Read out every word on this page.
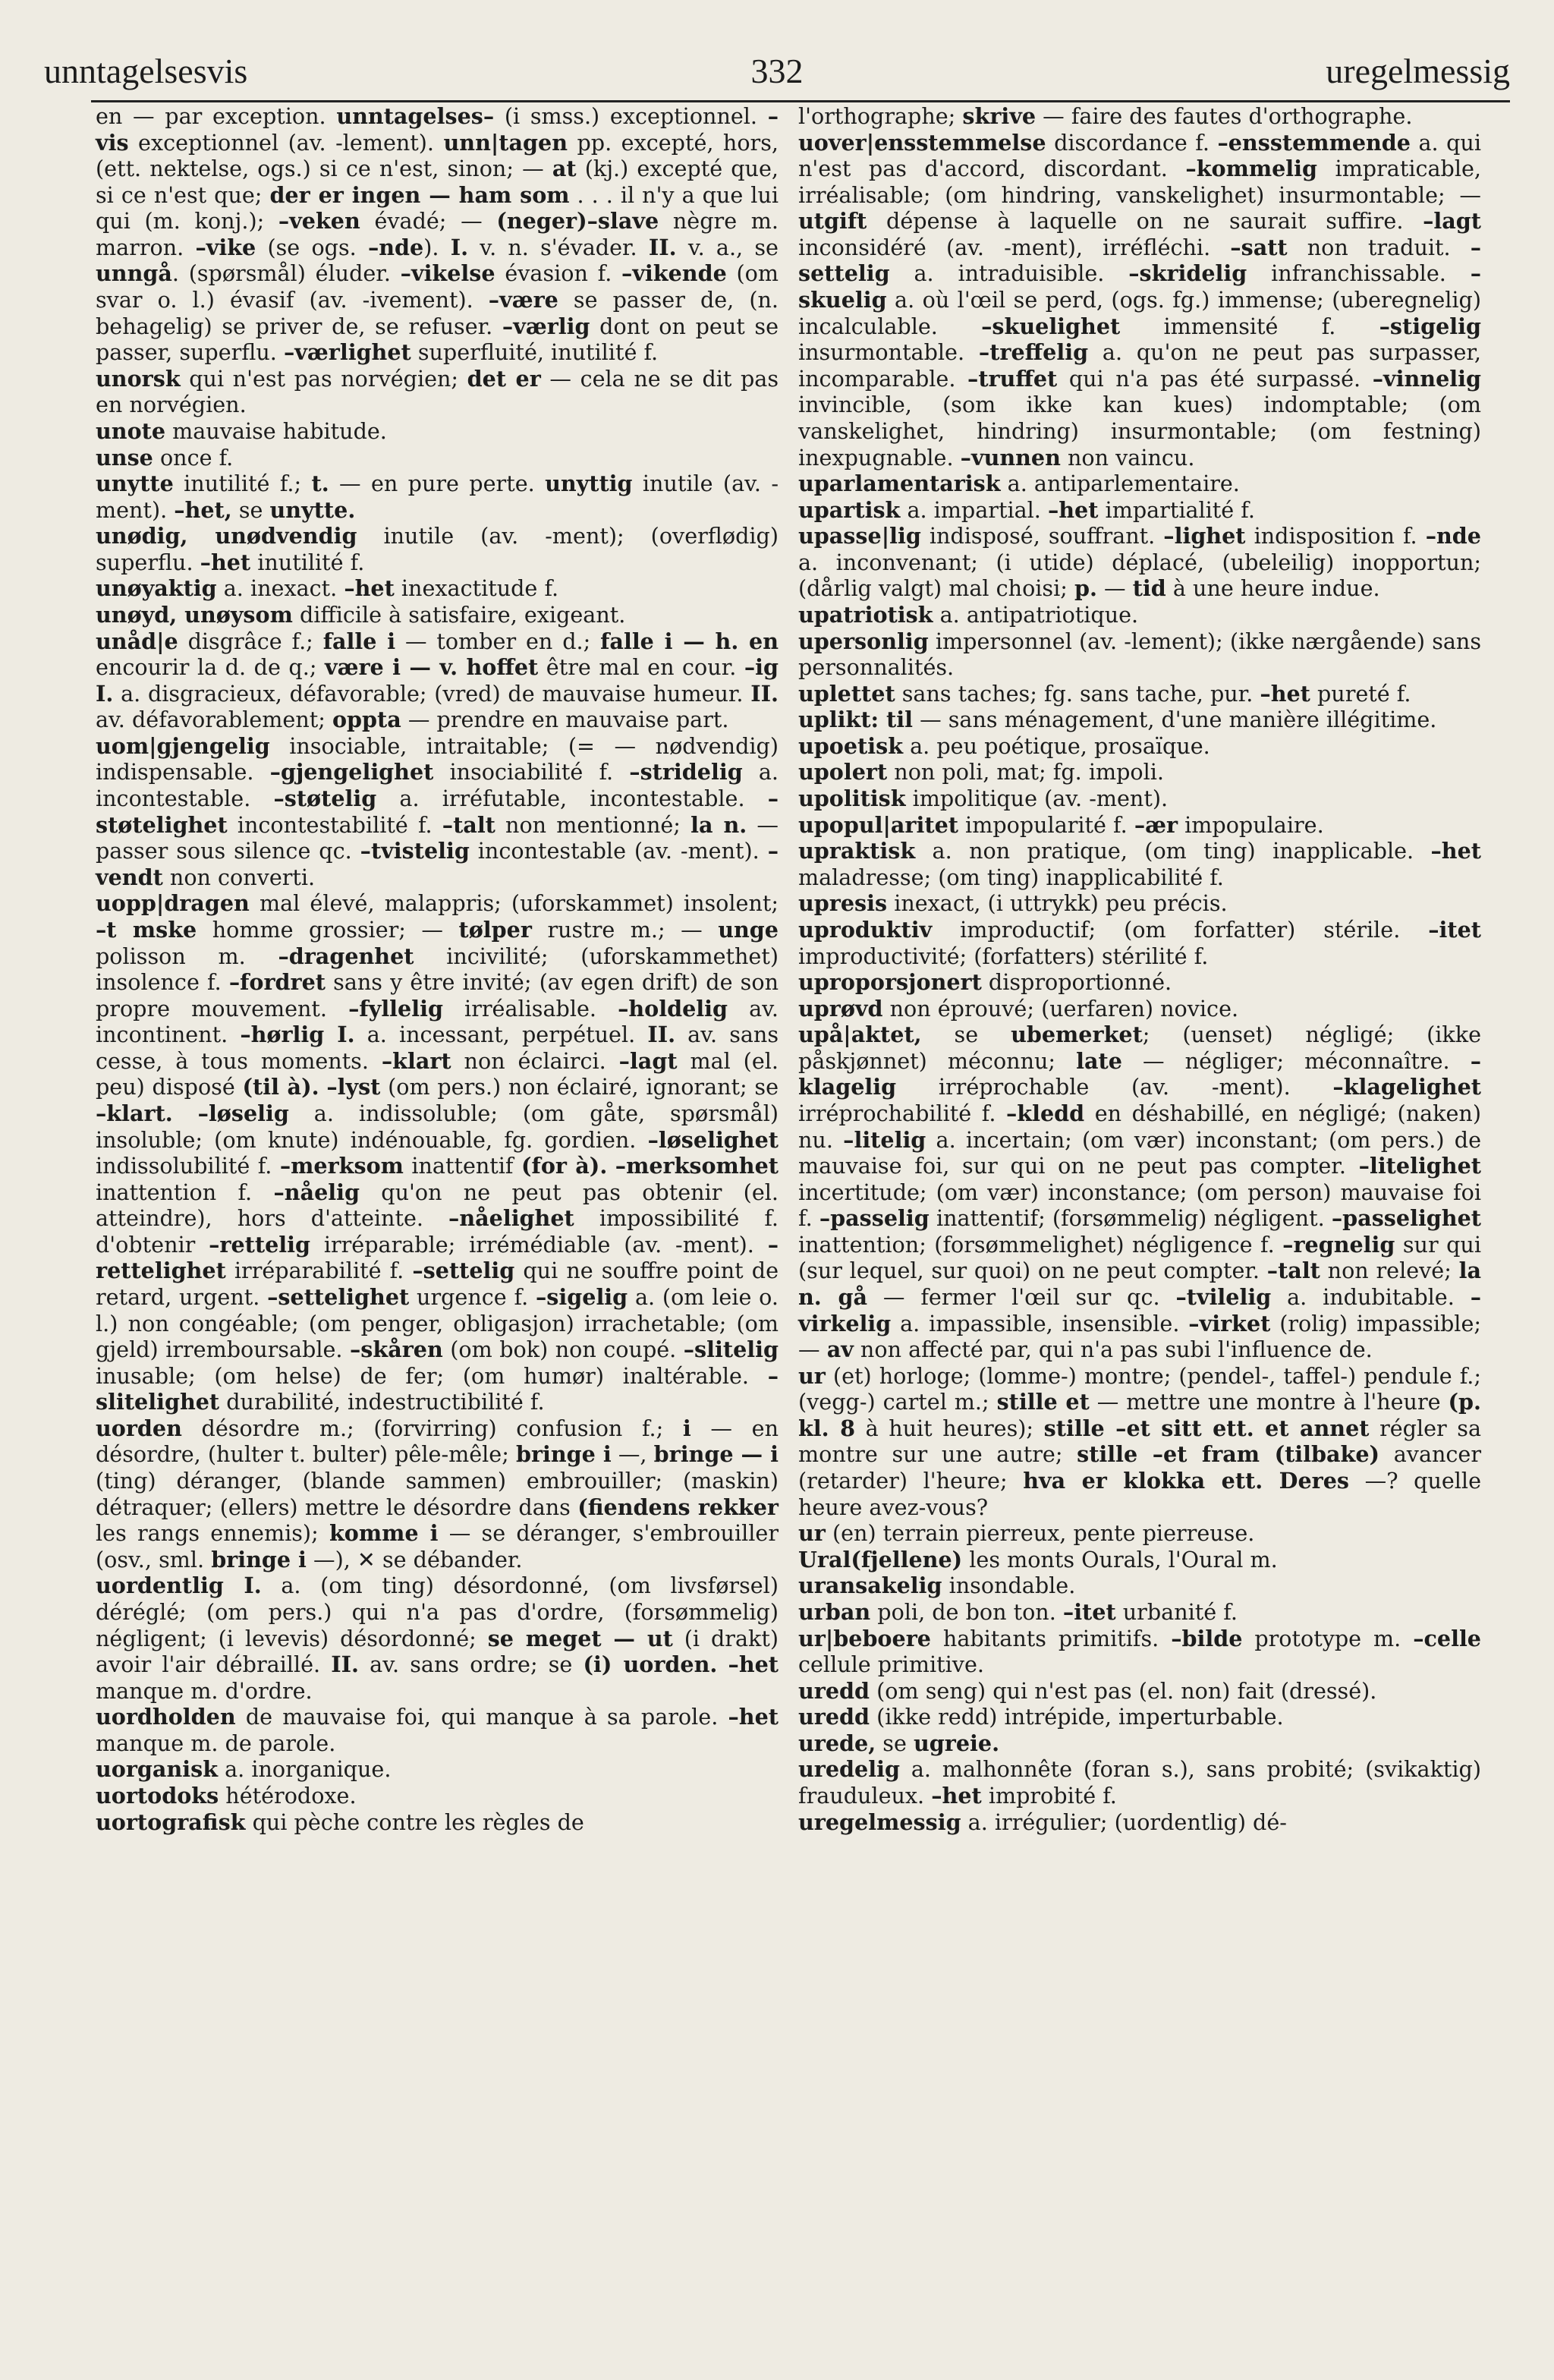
unntagelsesvis	332	uregelmessig

en — par exception. unntagelses– (i smss.) exceptionnel. –vis exceptionnel (av. -lement). unn|tagen pp. excepté, hors, (ett. nektelse, ogs.) si ce n'est, sinon; — at (kj.) excepté que, si ce n'est que; der er ingen — ham som . . . il n'y a que lui qui (m. konj.); –veken évadé; — (neger)–slave nègre m. marron. –vike (se ogs. –nde). I. v. n. s'évader. II. v. a., se unngå. (spørsmål) éluder. –vikelse évasion f. –vikende (om svar o. l.) évasif (av. -ivement). –være se passer de, (n. behagelig) se priver de, se refuser. –værlig dont on peut se passer, superflu. –værlighet superfluité, inutilité f.

unorsk qui n'est pas norvégien; det er — cela ne se dit pas en norvégien.

unote mauvaise habitude.

unse once f.

unytte inutilité f.; t. — en pure perte. unyttig inutile (av. -ment). –het, se unytte.

unødig, unødvendig inutile (av. -ment); (overflødig) superflu. –het inutilité f.

unøyaktig a. inexact. –het inexactitude f.

unøyd, unøysom difficile à satisfaire, exigeant.

unåd|e disgrâce f.; falle i — tomber en d.; falle i — h. en encourir la d. de q.; være i — v. hoffet être mal en cour. –ig I. a. disgracieux, défavorable; (vred) de mauvaise humeur. II. av. défavorablement; oppta — prendre en mauvaise part.

uom|gjengelig insociable, intraitable; (= — nødvendig) indispensable. –gjengelighet insociabilité f. –stridelig a. incontestable. –støtelig a. irréfutable, incontestable. –støtelighet incontestabilité f. –talt non mentionné; la n. — passer sous silence qc. –tvistelig incontestable (av. -ment). –vendt non converti.

uopp|dragen mal élevé, malappris; (uforskammet) insolent; –t mske homme grossier; — tølper rustre m.; — unge polisson m. –dragenhet incivilité; (uforskammethet) insolence f. –fordret sans y être invité; (av egen drift) de son propre mouvement. –fyllelig irréalisable. –holdelig av. incontinent. –hørlig I. a. incessant, perpétuel. II. av. sans cesse, à tous moments. –klart non éclairci. –lagt mal (el. peu) disposé (til à). –lyst (om pers.) non éclairé, ignorant; se –klart. –løselig a. indissoluble; (om gåte, spørsmål) insoluble; (om knute) indénouable, fg. gordien. –løselighet indissolubilité f. –merksom inattentif (for à). –merksomhet inattention f. –nåelig qu'on ne peut pas obtenir (el. atteindre), hors d'atteinte. –nåelighet impossibilité f. d'obtenir –rettelig irréparable; irrémédiable (av. -ment). –rettelighet irréparabilité f. –settelig qui ne souffre point de retard, urgent. –settelighet urgence f. –sigelig a. (om leie o. l.) non congéable; (om penger, obligasjon) irrachetable; (om gjeld) irremboursable. –skåren (om bok) non coupé. –slitelig inusable; (om helse) de fer; (om humør) inaltérable. –slitelighet durabilité, indestructibilité f.

uorden désordre m.; (forvirring) confusion f.; i — en désordre, (hulter t. bulter) pêle-mêle; bringe i —, bringe — i (ting) déranger, (blande sammen) embrouiller; (maskin) détraquer; (ellers) mettre le désordre dans (fiendens rekker les rangs ennemis); komme i — se déranger, s'embrouiller (osv., sml. bringe i —), ✕ se débander.

uordentlig I. a. (om ting) désordonné, (om livsførsel) déréglé; (om pers.) qui n'a pas d'ordre, (forsømmelig) négligent; (i levevis) désordonné; se meget — ut (i drakt) avoir l'air débraillé. II. av. sans ordre; se (i) uorden. –het manque m. d'ordre.

uordholden de mauvaise foi, qui manque à sa parole. –het manque m. de parole.

uorganisk a. inorganique.

uortodoks hétérodoxe.

uortografisk qui pèche contre les règles de

l'orthographe; skrive — faire des fautes d'orthographe.

uover|ensstemmelse discordance f. –ensstemmende a. qui n'est pas d'accord, discordant. –kommelig impraticable, irréalisable; (om hindring, vanskelighet) insurmontable; — utgift dépense à laquelle on ne saurait suffire. –lagt inconsidéré (av. -ment), irréfléchi. –satt non traduit. –settelig a. intraduisible. –skridelig infranchissable. –skuelig a. où l'œil se perd, (ogs. fg.) immense; (uberegnelig) incalculable. –skuelighet immensité f. –stigelig insurmontable. –treffelig a. qu'on ne peut pas surpasser, incomparable. –truffet qui n'a pas été surpassé. –vinnelig invincible, (som ikke kan kues) indomptable; (om vanskelighet, hindring) insurmontable; (om festning) inexpugnable. –vunnen non vaincu.

uparlamentarisk a. antiparlementaire.

upartisk a. impartial. –het impartialité f.

upasse|lig indisposé, souffrant. –lighet indisposition f. –nde a. inconvenant; (i utide) déplacé, (ubeleilig) inopportun; (dårlig valgt) mal choisi; p. — tid à une heure indue.

upatriotisk a. antipatriotique.

upersonlig impersonnel (av. -lement); (ikke nærgående) sans personnalités.

uplettet sans taches; fg. sans tache, pur. –het pureté f.

uplikt: til — sans ménagement, d'une manière illégitime.

upoetisk a. peu poétique, prosaïque.

upolert non poli, mat; fg. impoli.

upolitisk impolitique (av. -ment).

upopul|aritet impopularité f. –ær impopulaire.

upraktisk a. non pratique, (om ting) inapplicable. –het maladresse; (om ting) inapplicabilité f.

upresis inexact, (i uttrykk) peu précis.

uproduktiv improductif; (om forfatter) stérile. –itet improductivité; (forfatters) stérilité f.

uproporsjonert disproportionné.

uprøvd non éprouvé; (uerfaren) novice.

upå|aktet, se ubemerket; (uenset) négligé; (ikke påskjønnet) méconnu; late — négliger; méconnaître. –klagelig irréprochable (av. -ment). –klagelighet irréprochabilité f. –kledd en déshabillé, en négligé; (naken) nu. –litelig a. incertain; (om vær) inconstant; (om pers.) de mauvaise foi, sur qui on ne peut pas compter. –litelighet incertitude; (om vær) inconstance; (om person) mauvaise foi f. –passelig inattentif; (forsømmelig) négligent. –passelighet inattention; (forsømmelighet) négligence f. –regnelig sur qui (sur lequel, sur quoi) on ne peut compter. –talt non relevé; la n. gå — fermer l'œil sur qc. –tvilelig a. indubitable. –virkelig a. impassible, insensible. –virket (rolig) impassible; — av non affecté par, qui n'a pas subi l'influence de.

ur (et) horloge; (lomme-) montre; (pendel-, taffel-) pendule f.; (vegg-) cartel m.; stille et — mettre une montre à l'heure (p. kl. 8 à huit heures); stille –et sitt ett. et annet régler sa montre sur une autre; stille –et fram (tilbake) avancer (retarder) l'heure; hva er klokka ett. Deres —? quelle heure avez-vous?

ur (en) terrain pierreux, pente pierreuse.

Ural(fjellene) les monts Ourals, l'Oural m.

uransakelig insondable.

urban poli, de bon ton. –itet urbanité f.

ur|beboere habitants primitifs. –bilde prototype m. –celle cellule primitive.

uredd (om seng) qui n'est pas (el. non) fait (dressé).

uredd (ikke redd) intrépide, imperturbable.

urede, se ugreie.

uredelig a. malhonnête (foran s.), sans probité; (svikaktig) frauduleux. –het improbité f.

uregelmessig a. irrégulier; (uordentlig) dé-
